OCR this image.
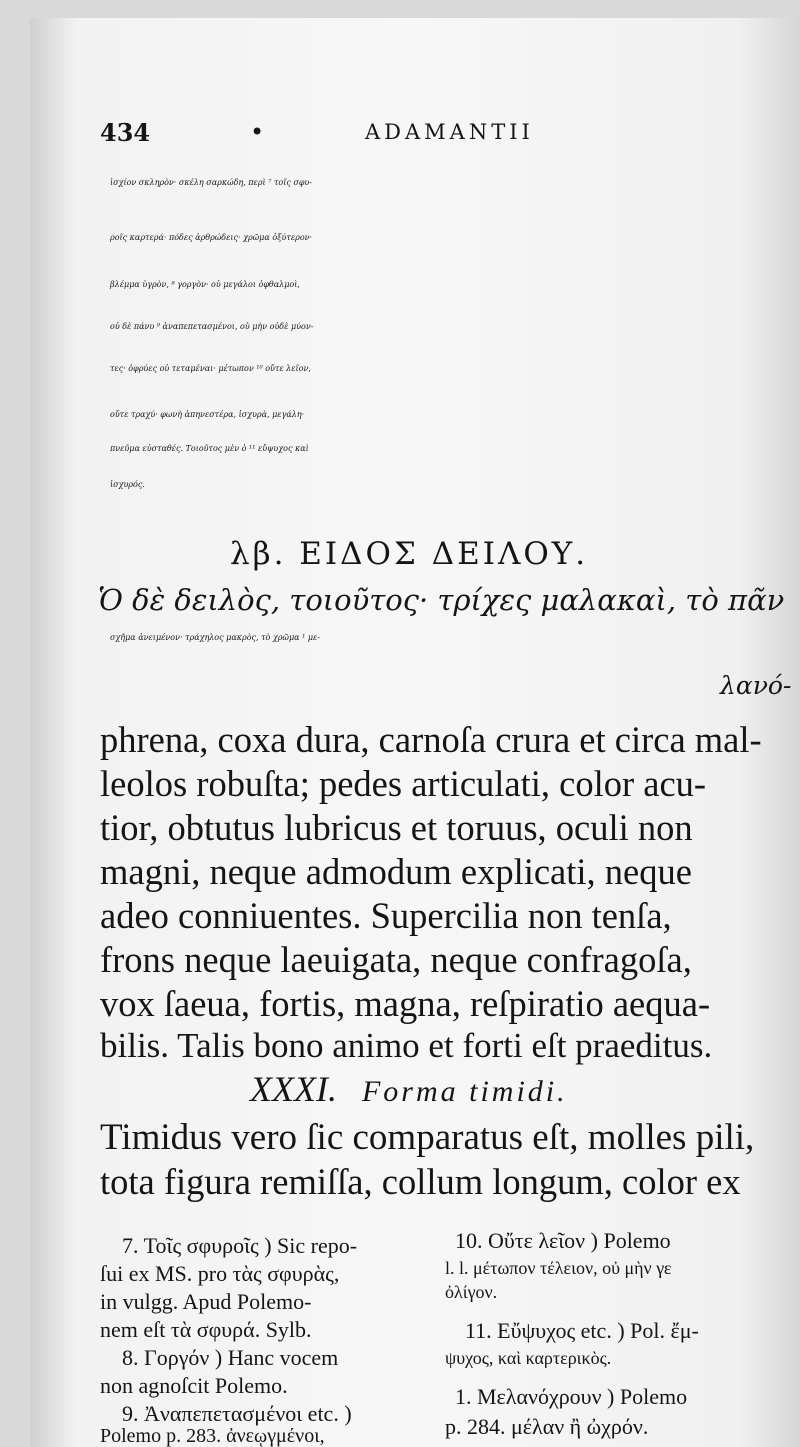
434	•	ADAMANTII
ἰσχίον σκληρὸν· σκέλη σαρκώδη, περὶ ⁷ τοῖς σφυ-
ροῖς καρτερά· πόδες ἀρθρώδεις· χρῶμα ὀξύτερον·
βλέμμα ὑγρὸν, ⁸ γοργὸν· οὐ μεγάλοι ὀφθαλμοὶ,
οὐ δὲ πάνυ ⁹ ἀναπεπετασμένοι, οὐ μὴν οὐδὲ μύον-
τες· ὀφρύες οὐ τεταμέναι· μέτωπον ¹⁰ οὔτε λεῖον,
οὔτε τραχύ· φωνὴ ἀπηνεστέρα, ἰσχυρὰ, μεγάλη·
πνεῦμα εὐσταθές. Τοιοῦτος μὲν ὁ ¹¹ εὔψυχος καὶ
ἰσχυρός.
λβ. ΕΙΔΟΣ ΔΕΙΛΟΥ.
Ὁ δὲ δειλὸς, τοιοῦτος· τρίχες μαλακαὶ, τὸ πᾶν
σχῆμα ἀνειμένον· τράχηλος μακρὸς, τὸ χρῶμα ¹ με-
λανό-
phrena, coxa dura, carnoſa crura et circa mal-
leolos robuſta; pedes articulati, color acu-
tior, obtutus lubricus et toruus, oculi non
magni, neque admodum explicati, neque
adeo conniuentes. Supercilia non tenſa,
frons neque laeuigata, neque confragoſa,
vox ſaeua, fortis, magna, reſpiratio aequa-
bilis. Talis bono animo et forti eſt praeditus.
XXXI. Forma timidi.
Timidus vero ſic comparatus eſt, molles pili,
tota figura remiſſa, collum longum, color ex
7. Τοῖς σφυροῖς ) Sic repo-
ſui ex MS. pro τὰς σφυρὰς,
in vulgg. Apud Polemo-
nem eſt τὰ σφυρά. Sylb.
8. Γοργόν ) Hanc vocem
non agnoſcit Polemo.
9. Ἀναπεπετασμένοι etc. )
Polemo p. 283. ἀνεῳγμένοι,
10. Οὔτε λεῖον ) Polemo
l. l. μέτωπον τέλειον, οὐ μὴν γε
ὀλίγον.
11. Εὔψυχος etc. ) Pol. ἔμ-
ψυχος, καὶ καρτερικὸς.
1. Μελανόχρουν ) Polemo
p. 284. μέλαν ἢ ὠχρόν.
